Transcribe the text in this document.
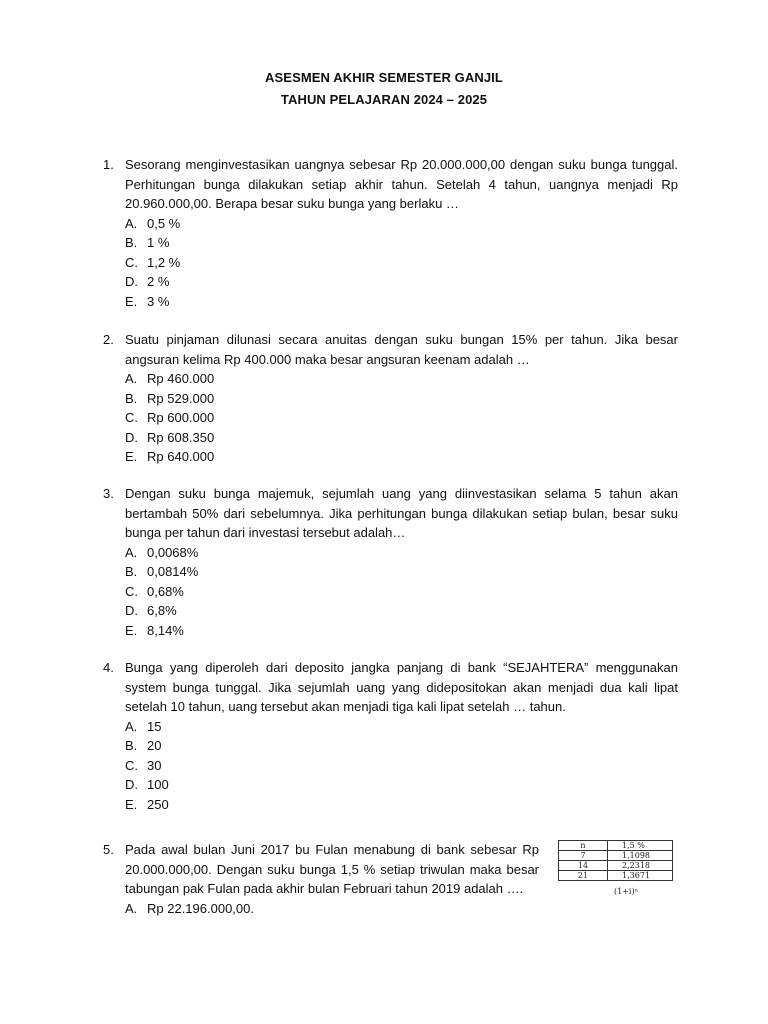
ASESMEN AKHIR SEMESTER GANJIL
TAHUN PELAJARAN 2024 – 2025
1. Sesorang menginvestasikan uangnya sebesar Rp 20.000.000,00 dengan suku bunga tunggal. Perhitungan bunga dilakukan setiap akhir tahun. Setelah 4 tahun, uangnya menjadi Rp 20.960.000,00. Berapa besar suku bunga yang berlaku …
A. 0,5 %
B. 1 %
C. 1,2 %
D. 2 %
E. 3 %
2. Suatu pinjaman dilunasi secara anuitas dengan suku bungan 15% per tahun. Jika besar angsuran kelima Rp 400.000 maka besar angsuran keenam adalah …
A. Rp 460.000
B. Rp 529.000
C. Rp 600.000
D. Rp 608.350
E. Rp 640.000
3. Dengan suku bunga majemuk, sejumlah uang yang diinvestasikan selama 5 tahun akan bertambah 50% dari sebelumnya. Jika perhitungan bunga dilakukan setiap bulan, besar suku bunga per tahun dari investasi tersebut adalah…
A. 0,0068%
B. 0,0814%
C. 0,68%
D. 6,8%
E. 8,14%
4. Bunga yang diperoleh dari deposito jangka panjang di bank “SEJAHTERA” menggunakan system bunga tunggal. Jika sejumlah uang yang didepositokan akan menjadi dua kali lipat setelah 10 tahun, uang tersebut akan menjadi tiga kali lipat setelah … tahun.
A. 15
B. 20
C. 30
D. 100
E. 250
5. Pada awal bulan Juni 2017 bu Fulan menabung di bank sebesar Rp 20.000.000,00. Dengan suku bunga 1,5 % setiap triwulan maka besar tabungan pak Fulan pada akhir bulan Februari tahun 2019 adalah ….
A. Rp 22.196.000,00.
n	1,5 %
7	1,1098
14	2,2318
21	1,3671
(1+i)ⁿ
